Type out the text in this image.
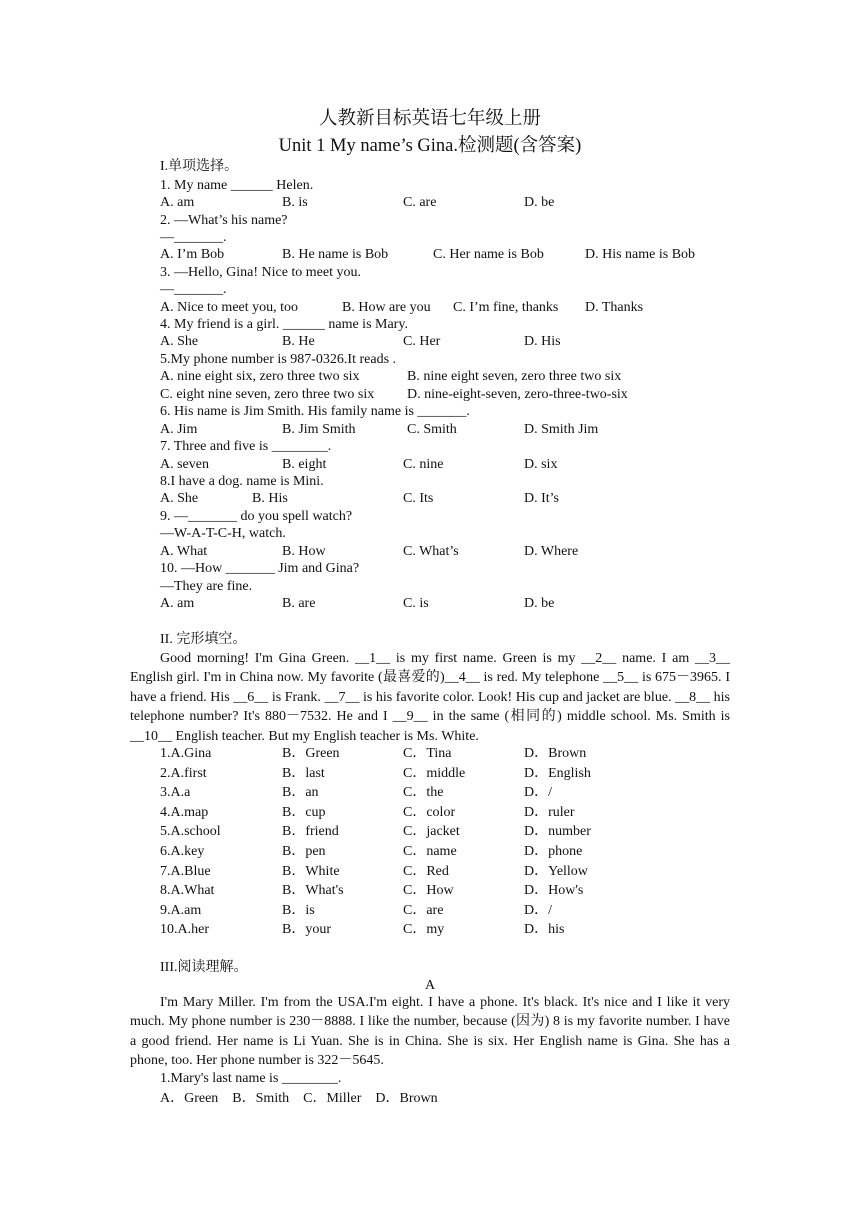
人教新目标英语七年级上册
Unit 1 My name’s Gina.检测题(含答案)
I.单项选择。
1. My name ______ Helen.
A. am	B. is	C. are	D. be
2. —What’s his name?
—_______.
A. I’m Bob	B. He name is Bob	C. Her name is Bob	D. His name is Bob
3. —Hello, Gina! Nice to meet you.
—_______.
A. Nice to meet you, too	B. How are you C. I’m fine, thanks D. Thanks
4. My friend is a girl. ______ name is Mary.
A. She	B. He	C. Her	D. His
5.My phone number is 987-0326.It reads .
A. nine eight six, zero three two six	B. nine eight seven, zero three two six
C. eight nine seven, zero three two six D. nine-eight-seven, zero-three-two-six
6. His name is Jim Smith. His family name is _______.
A. Jim	B. Jim Smith	C. Smith	D. Smith Jim
7. Three and five is ________.
A. seven	B. eight	C. nine	D. six
8.I have a dog. name is Mini.
A. She	B. His	C. Its	D. It’s
9. —_______ do you spell watch?
—W-A-T-C-H, watch.
A. What	B. How	C. What’s	D. Where
10. —How _______ Jim and Gina?
—They are fine.
A. am	B. are	C. is	D. be
II. 完形填空。
Good morning! I'm Gina Green. __1__ is my first name. Green is my __2__ name. I am __3__ English girl. I'm in China now. My favorite (最喜爱的)__4__ is red. My telephone __5__ is 675－3965. I have a friend. His __6__ is Frank. __7__ is his favorite color. Look! His cup and jacket are blue. __8__ his telephone number? It's 880－7532. He and I __9__ in the same (相同的) middle school. Ms. Smith is __10__ English teacher. But my English teacher is Ms. White.
1.A.Gina	B．Green	C．Tina	D．Brown
2.A.first	B．last	C．middle	D．English
3.A.a	B．an	C．the	D．/
4.A.map	B．cup	C．color	D．ruler
5.A.school	B．friend	C．jacket	D．number
6.A.key	B．pen	C．name	D．phone
7.A.Blue	B．White	C．Red	D．Yellow
8.A.What	B．What's	C．How	D．How's
9.A.am	B．is	C．are	D．/
10.A.her	B．your	C．my	D．his
III.阅读理解。
A
I'm Mary Miller. I'm from the USA.I'm eight. I have a phone. It's black. It's nice and I like it very much. My phone number is 230－8888. I like the number, because (因为) 8 is my favorite number. I have a good friend. Her name is Li Yuan. She is in China. She is six. Her English name is Gina. She has a phone, too. Her phone number is 322－5645.
1.Mary's last name is ________.
A．Green　B．Smith　C．Miller　D．Brown
